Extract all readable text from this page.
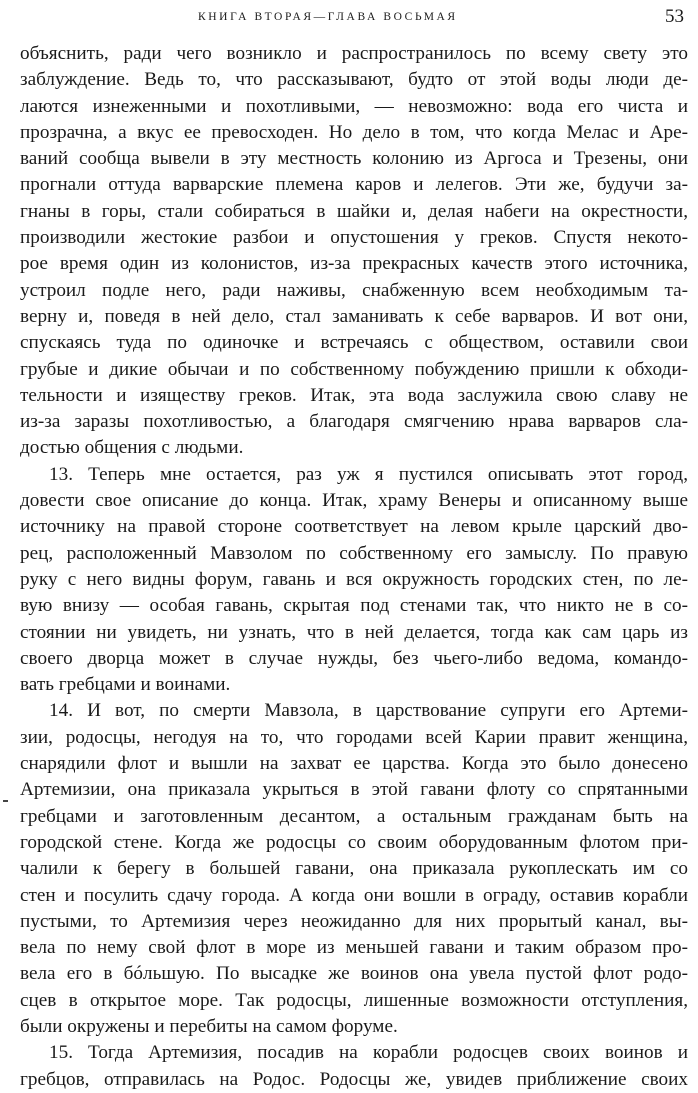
КНИГА ВТОРАЯ—ГЛАВА ВОСЬМАЯ	53
объяснить, ради чего возникло и распространилось по всему свету это
заблуждение. Ведь то, что рассказывают, будто от этой воды люди де-
лаются изнеженными и похотливыми, — невозможно: вода его чиста и
прозрачна, а вкус ее превосходен. Но дело в том, что когда Мелас и Аре-
ваний сообща вывели в эту местность колонию из Аргоса и Трезены, они
прогнали оттуда варварские племена каров и лелегов. Эти же, будучи за-
гнаны в горы, стали собираться в шайки и, делая набеги на окрестности,
производили жестокие разбои и опустошения у греков. Спустя некото-
рое время один из колонистов, из-за прекрасных качеств этого источника,
устроил подле него, ради наживы, снабженную всем необходимым та-
верну и, поведя в ней дело, стал заманивать к себе варваров. И вот они,
спускаясь туда по одиночке и встречаясь с обществом, оставили свои
грубые и дикие обычаи и по собственному побуждению пришли к обходи-
тельности и изяществу греков. Итак, эта вода заслужила свою славу не
из-за заразы похотливостью, а благодаря смягчению нрава варваров сла-
достью общения с людьми.
13. Теперь мне остается, раз уж я пустился описывать этот город,
довести свое описание до конца. Итак, храму Венеры и описанному выше
источнику на правой стороне соответствует на левом крыле царский дво-
рец, расположенный Мавзолом по собственному его замыслу. По правую
руку с него видны форум, гавань и вся окружность городских стен, по ле-
вую внизу — особая гавань, скрытая под стенами так, что никто не в со-
стоянии ни увидеть, ни узнать, что в ней делается, тогда как сам царь из
своего дворца может в случае нужды, без чьего-либо ведома, командо-
вать гребцами и воинами.
14. И вот, по смерти Мавзола, в царствование супруги его Артеми-
зии, родосцы, негодуя на то, что городами всей Карии правит женщина,
снарядили флот и вышли на захват ее царства. Когда это было донесено
Артемизии, она приказала укрыться в этой гавани флоту со спрятанными
гребцами и заготовленным десантом, а остальным гражданам быть на
городской стене. Когда же родосцы со своим оборудованным флотом при-
чалили к берегу в большей гавани, она приказала рукоплескать им со
стен и посулить сдачу города. А когда они вошли в ограду, оставив корабли
пустыми, то Артемизия через неожиданно для них прорытый канал, вы-
вела по нему свой флот в море из меньшей гавани и таким образом про-
вела его в бóльшую. По высадке же воинов она увела пустой флот родо-
сцев в открытое море. Так родосцы, лишенные возможности отступления,
были окружены и перебиты на самом форуме.
15. Тогда Артемизия, посадив на корабли родосцев своих воинов и
гребцов, отправилась на Родос. Родосцы же, увидев приближение своих
